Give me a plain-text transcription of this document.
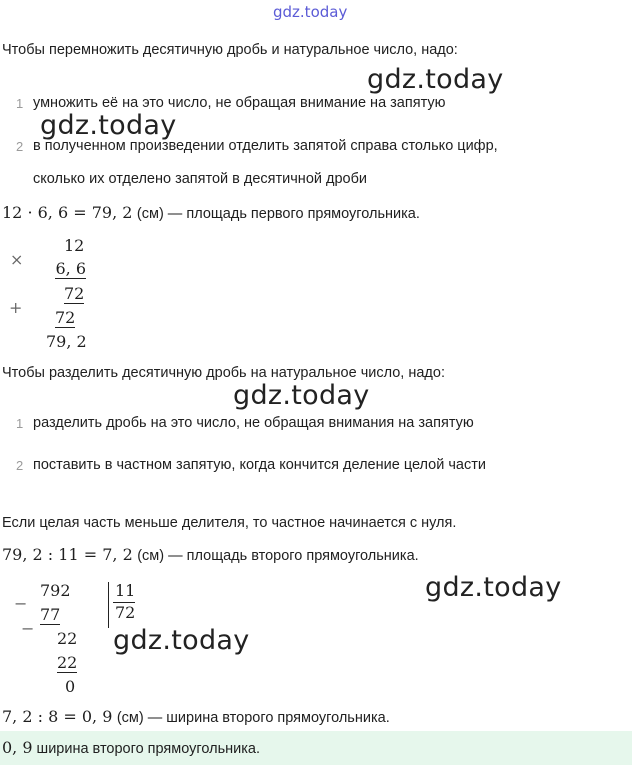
gdz.today
Чтобы перемножить десятичную дробь и натуральное число, надо:
gdz.today
1 умножить её на это число, не обращая внимание на запятую
gdz.today
2 в полученном произведении отделить запятой справа столько цифр,
сколько их отделено запятой в десятичной дроби
12 · 6, 6 = 79, 2 (см) — площадь первого прямоугольника.
×
+
12
6, 6
72
72
79, 2
Чтобы разделить десятичную дробь на натуральное число, надо:
gdz.today
1 разделить дробь на это число, не обращая внимания на запятую
2 поставить в частном запятую, когда кончится деление целой части
Если целая часть меньше делителя, то частное начинается с нуля.
79, 2 : 11 = 7, 2 (см) — площадь второго прямоугольника.
gdz.today
−
792
77
−
22
22
0
11
72
gdz.today
7, 2 : 8 = 0, 9 (см) — ширина второго прямоугольника.
0, 9 ширина второго прямоугольника.
